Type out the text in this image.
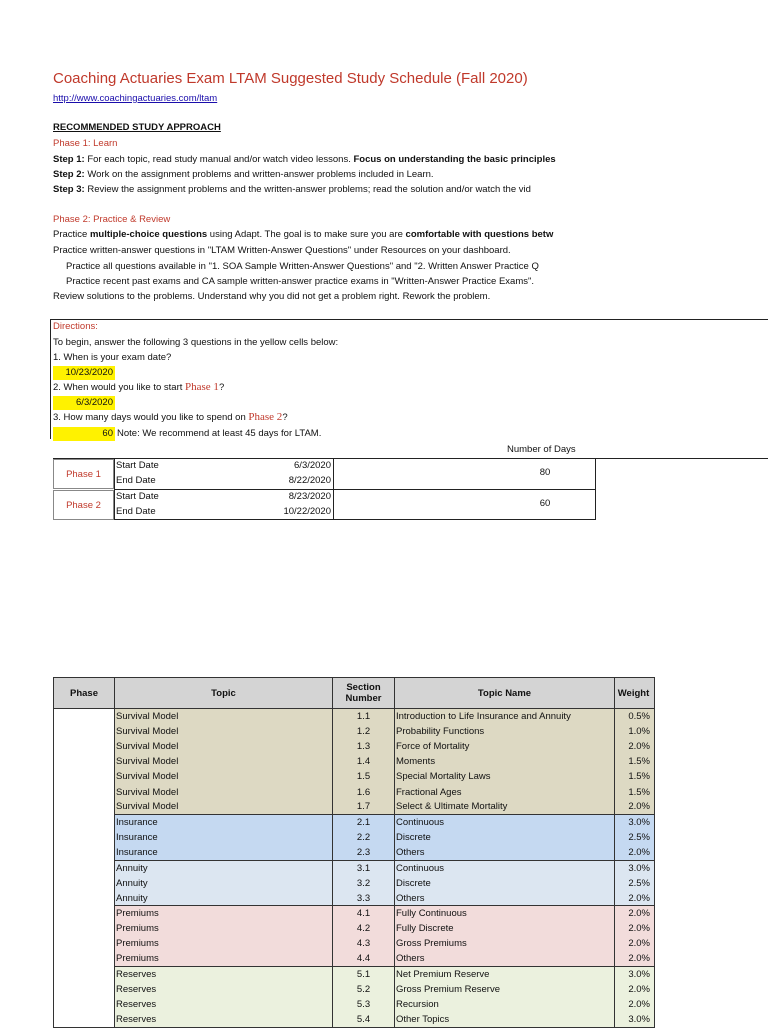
Coaching Actuaries Exam LTAM Suggested Study Schedule (Fall 2020)
http://www.coachingactuaries.com/ltam
RECOMMENDED STUDY APPROACH
Phase 1: Learn
Step 1: For each topic, read study manual and/or watch video lessons. Focus on understanding the basic principles
Step 2: Work on the assignment problems and written-answer problems included in Learn.
Step 3: Review the assignment problems and the written-answer problems; read the solution and/or watch the vid
Phase 2: Practice & Review
Practice multiple-choice questions using Adapt. The goal is to make sure you are comfortable with questions betw
Practice written-answer questions in "LTAM Written-Answer Questions" under Resources on your dashboard.
Practice all questions available in "1. SOA Sample Written-Answer Questions" and "2. Written Answer Practice Q
Practice recent past exams and CA sample written-answer practice exams in "Written-Answer Practice Exams".
Review solutions to the problems. Understand why you did not get a problem right. Rework the problem.
Directions:
To begin, answer the following 3 questions in the yellow cells below:
1. When is your exam date?
10/23/2020
2. When would you like to start Phase 1?
6/3/2020
3. How many days would you like to spend on Phase 2?
60 Note: We recommend at least 45 days for LTAM.
Number of Days
Phase 1
Start Date	6/3/2020
End Date	8/22/2020
80
Phase 2
Start Date	8/23/2020
End Date	10/22/2020
60
Phase	Topic	Section Number	Topic Name	Weight
	Survival Model	1.1	Introduction to Life Insurance and Annuity	0.5%
	Survival Model	1.2	Probability Functions	1.0%
	Survival Model	1.3	Force of Mortality	2.0%
	Survival Model	1.4	Moments	1.5%
	Survival Model	1.5	Special Mortality Laws	1.5%
	Survival Model	1.6	Fractional Ages	1.5%
	Survival Model	1.7	Select & Ultimate Mortality	2.0%
	Insurance	2.1	Continuous	3.0%
	Insurance	2.2	Discrete	2.5%
	Insurance	2.3	Others	2.0%
	Annuity	3.1	Continuous	3.0%
	Annuity	3.2	Discrete	2.5%
	Annuity	3.3	Others	2.0%
	Premiums	4.1	Fully Continuous	2.0%
	Premiums	4.2	Fully Discrete	2.0%
	Premiums	4.3	Gross Premiums	2.0%
	Premiums	4.4	Others	2.0%
	Reserves	5.1	Net Premium Reserve	3.0%
	Reserves	5.2	Gross Premium Reserve	2.0%
	Reserves	5.3	Recursion	2.0%
	Reserves	5.4	Other Topics	3.0%
